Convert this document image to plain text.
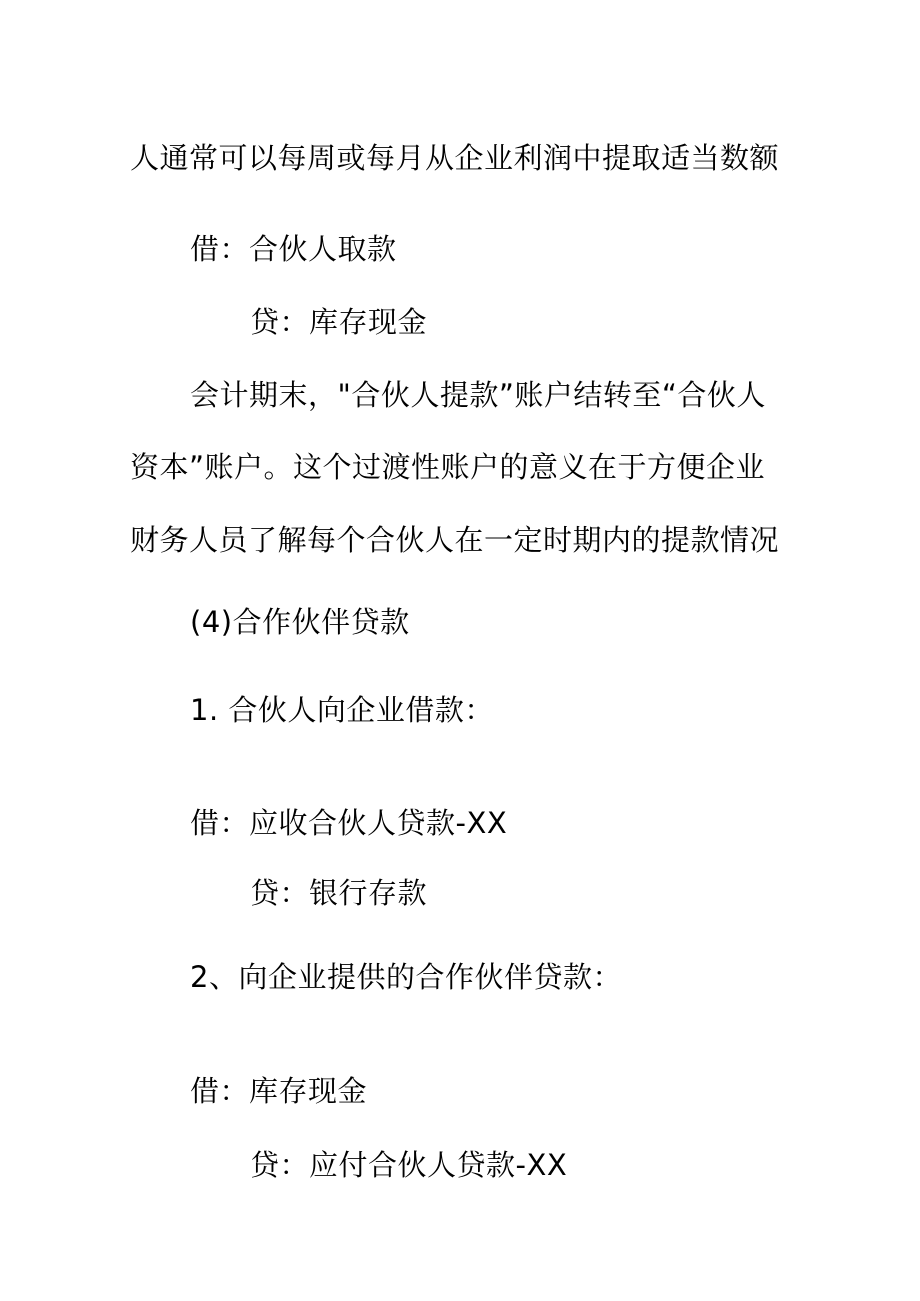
人通常可以每周或每月从企业利润中提取适当数额
借：合伙人取款
贷：库存现金
会计期末，"合伙人提款”账户结转至“合伙人
资本”账户。这个过渡性账户的意义在于方便企业
财务人员了解每个合伙人在一定时期内的提款情况
(4)合作伙伴贷款
1. 合伙人向企业借款：
借：应收合伙人贷款-XX
贷：银行存款
2、向企业提供的合作伙伴贷款：
借：库存现金
贷：应付合伙人贷款-XX
